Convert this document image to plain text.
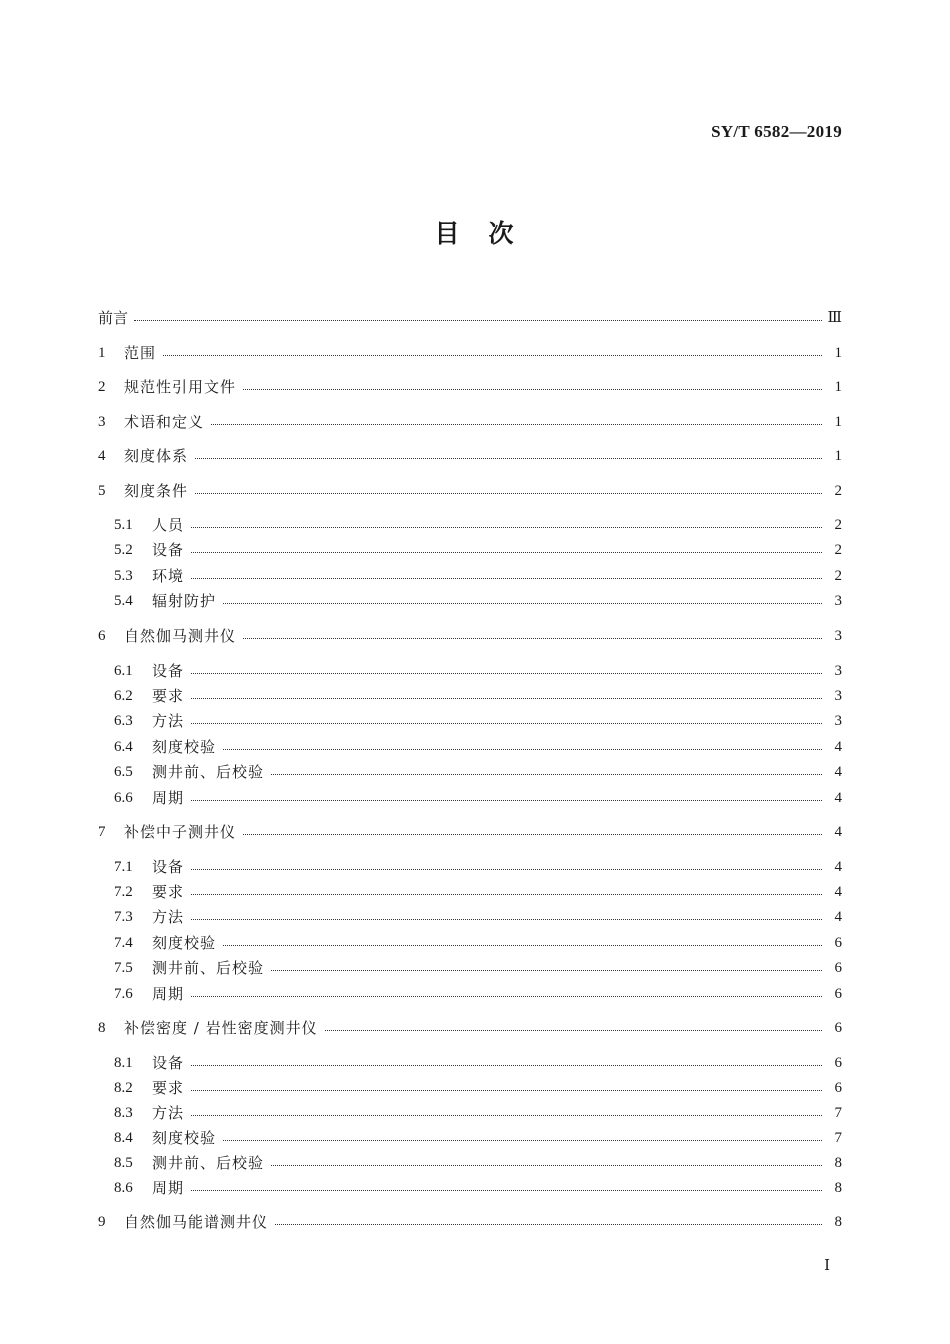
SY/T 6582—2019
目　次
前言	Ⅲ
1 范围	1
2 规范性引用文件	1
3 术语和定义	1
4 刻度体系	1
5 刻度条件	2
5.1 人员	2
5.2 设备	2
5.3 环境	2
5.4 辐射防护	3
6 自然伽马测井仪	3
6.1 设备	3
6.2 要求	3
6.3 方法	3
6.4 刻度校验	4
6.5 测井前、后校验	4
6.6 周期	4
7 补偿中子测井仪	4
7.1 设备	4
7.2 要求	4
7.3 方法	4
7.4 刻度校验	6
7.5 测井前、后校验	6
7.6 周期	6
8 补偿密度 / 岩性密度测井仪	6
8.1 设备	6
8.2 要求	6
8.3 方法	7
8.4 刻度校验	7
8.5 测井前、后校验	8
8.6 周期	8
9 自然伽马能谱测井仪	8
Ⅰ
